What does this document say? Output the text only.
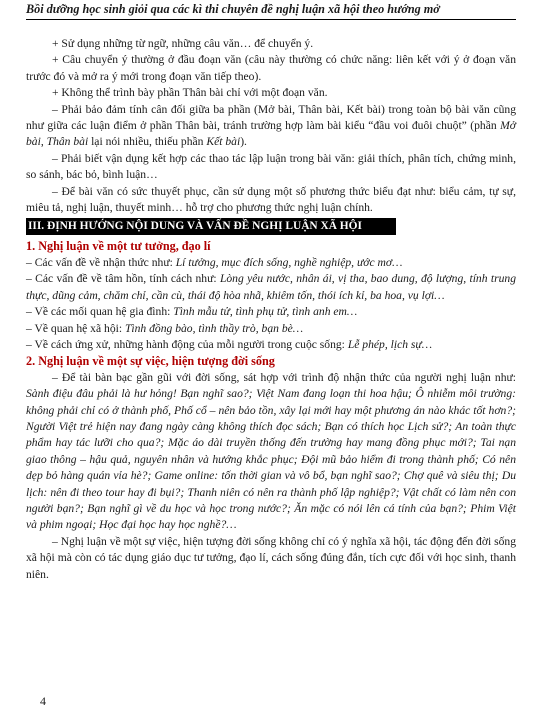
Bồi dưỡng học sinh giỏi qua các kì thi chuyên đề nghị luận xã hội theo hướng mở

+ Sử dụng những từ ngữ, những câu văn… để chuyển ý.

+ Câu chuyển ý thường ở đầu đoạn văn (câu này thường có chức năng: liên kết với ý ở đoạn văn trước đó và mở ra ý mới trong đoạn văn tiếp theo).

+ Không thể trình bày phần Thân bài chỉ với một đoạn văn.

– Phải bảo đảm tính cân đối giữa ba phần (Mở bài, Thân bài, Kết bài) trong toàn bộ bài văn cũng như giữa các luận điểm ở phần Thân bài, tránh trường hợp làm bài kiểu “đầu voi đuôi chuột” (phần Mở bài, Thân bài lại nói nhiều, thiếu phần Kết bài).

– Phải biết vận dụng kết hợp các thao tác lập luận trong bài văn: giải thích, phân tích, chứng minh, so sánh, bác bỏ, bình luận…

– Để bài văn có sức thuyết phục, cần sử dụng một số phương thức biểu đạt như: biểu cảm, tự sự, miêu tả, nghị luận, thuyết minh… hỗ trợ cho phương thức nghị luận chính.

III. ĐỊNH HƯỚNG NỘI DUNG VÀ VẤN ĐỀ NGHỊ LUẬN XÃ HỘI

1. Nghị luận về một tư tưởng, đạo lí

– Các vấn đề về nhận thức như: Lí tưởng, mục đích sống, nghề nghiệp, ước mơ…

– Các vấn đề về tâm hồn, tính cách như: Lòng yêu nước, nhân ái, vị tha, bao dung, độ lượng, tính trung thực, dũng cảm, chăm chỉ, cần cù, thái độ hòa nhã, khiêm tốn, thói ích kỉ, ba hoa, vụ lợi…

– Về các mối quan hệ gia đình: Tình mẫu tử, tình phụ tử, tình anh em…

– Về quan hệ xã hội: Tình đồng bào, tình thầy trò, bạn bè…

– Về cách ứng xử, những hành động của mỗi người trong cuộc sống: Lễ phép, lịch sự…

2. Nghị luận về một sự việc, hiện tượng đời sống

– Để tài bàn bạc gần gũi với đời sống, sát hợp với trình độ nhận thức của người nghị luận như: Sành điệu đâu phải là hư hỏng! Bạn nghĩ sao?; Việt Nam đang loạn thi hoa hậu; Ô nhiễm môi trường: không phải chỉ có ở thành phố, Phố cổ – nên bảo tồn, xây lại mới hay một phương án nào khác tốt hơn?; Người Việt trẻ hiện nay đang ngày càng không thích đọc sách; Bạn có thích học Lịch sử?; An toàn thực phẩm hay tác lưỡi cho qua?; Mặc áo dài truyền thống đến trường hay mang đồng phục mới?; Tai nạn giao thông – hậu quả, nguyên nhân và hướng khắc phục; Đội mũ bảo hiểm đi trong thành phố; Có nên dẹp bỏ hàng quán vỉa hè?; Game online: tốn thời gian và vô bổ, bạn nghĩ sao?; Chợ quê và siêu thị; Du lịch: nên đi theo tour hay đi bụi?; Thanh niên có nên ra thành phố lập nghiệp?; Vật chất có làm nên con người bạn?; Bạn nghĩ gì về du học và học trong nước?; Ăn mặc có nói lên cá tính của bạn?; Phim Việt và phim ngoại; Học đại học hay học nghề?…

– Nghị luận về một sự việc, hiện tượng đời sống không chỉ có ý nghĩa xã hội, tác động đến đời sống xã hội mà còn có tác dụng giáo dục tư tưởng, đạo lí, cách sống đúng đắn, tích cực đối với học sinh, thanh niên.

4
